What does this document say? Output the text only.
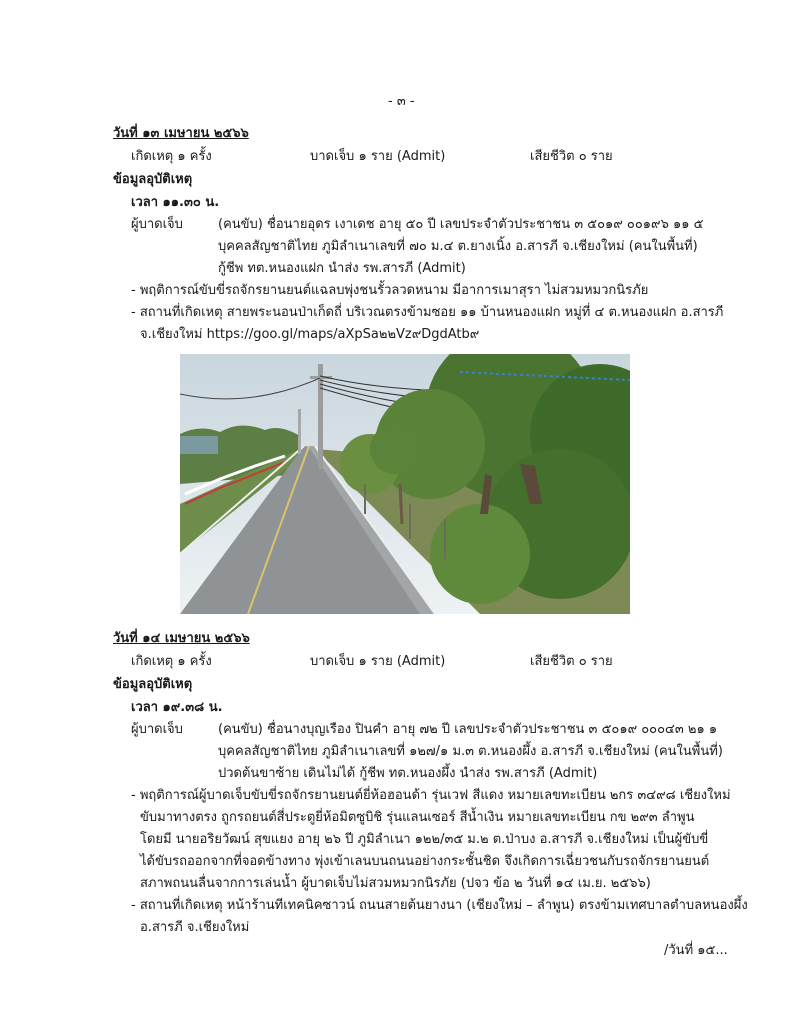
- ๓ -
วันที่ ๑๓ เมษายน ๒๕๖๖
เกิดเหตุ ๑ ครั้ง	บาดเจ็บ ๑ ราย (Admit)	เสียชีวิต ๐ ราย
ข้อมูลอุบัติเหตุ
เวลา ๑๑.๓๐ น.
ผู้บาดเจ็บ	(คนขับ) ชื่อนายอุดร เงาเดช อายุ ๕๐ ปี เลขประจำตัวประชาชน ๓ ๕๐๑๙ ๐๐๑๙๖ ๑๑ ๕
บุคคลสัญชาติไทย ภูมิลำเนาเลขที่ ๗๐ ม.๔ ต.ยางเนิ้ง อ.สารภี จ.เชียงใหม่ (คนในพื้นที่)
กู้ชีพ ทต.หนองแฝก นำส่ง รพ.สารภี (Admit)
- พฤติการณ์ขับขี่รถจักรยานยนต์แฉลบพุ่งชนรั้วลวดหนาม มีอาการเมาสุรา ไม่สวมหมวกนิรภัย
- สถานที่เกิดเหตุ สายพระนอนป่าเก็ดถี่ บริเวณตรงข้ามซอย ๑๑ บ้านหนองแฝก หมู่ที่ ๔ ต.หนองแฝก อ.สารภี
จ.เชียงใหม่ https://goo.gl/maps/aXpSa๒๒Vz๙DgdAtb๙
วันที่ ๑๔ เมษายน ๒๕๖๖
เกิดเหตุ ๑ ครั้ง	บาดเจ็บ ๑ ราย (Admit)	เสียชีวิต ๐ ราย
ข้อมูลอุบัติเหตุ
เวลา ๑๙.๓๘ น.
ผู้บาดเจ็บ	(คนขับ) ชื่อนางบุญเรือง ปินคำ อายุ ๗๒ ปี เลขประจำตัวประชาชน ๓ ๕๐๑๙ ๐๐๐๔๓ ๒๑ ๑
บุคคลสัญชาติไทย ภูมิลำเนาเลขที่ ๑๒๗/๑ ม.๓ ต.หนองผึ้ง อ.สารภี จ.เชียงใหม่ (คนในพื้นที่)
ปวดต้นขาซ้าย เดินไม่ได้ กู้ชีพ ทต.หนองผึ้ง นำส่ง รพ.สารภี (Admit)
- พฤติการณ์ผู้บาดเจ็บขับขี่รถจักรยานยนต์ยี่ห้อฮอนด้า รุ่นเวฟ สีแดง หมายเลขทะเบียน ๒กร ๓๔๙๘ เชียงใหม่
ขับมาทางตรง ถูกรถยนต์สี่ประตูยี่ห้อมิตซูบิชิ รุ่นแลนเซอร์ สีน้ำเงิน หมายเลขทะเบียน กข ๒๙๓ ลำพูน
โดยมี นายอริยวัฒน์ สุขแยง อายุ ๒๖ ปี ภูมิลำเนา ๑๒๒/๓๕ ม.๒ ต.ป่าบง อ.สารภี จ.เชียงใหม่ เป็นผู้ขับขี่
ได้ขับรถออกจากที่จอดข้างทาง พุ่งเข้าเลนบนถนนอย่างกระชั้นชิด จึงเกิดการเฉี่ยวชนกับรถจักรยานยนต์
สภาพถนนลื่นจากการเล่นน้ำ ผู้บาดเจ็บไม่สวมหมวกนิรภัย (ปจว ข้อ ๒ วันที่ ๑๔ เม.ย. ๒๕๖๖)
- สถานที่เกิดเหตุ หน้าร้านทีเทคนิคซาวน์ ถนนสายต้นยางนา (เชียงใหม่ – ลำพูน) ตรงข้ามเทศบาลตำบลหนองผึ้ง
อ.สารภี จ.เชียงใหม่
/วันที่ ๑๕...
